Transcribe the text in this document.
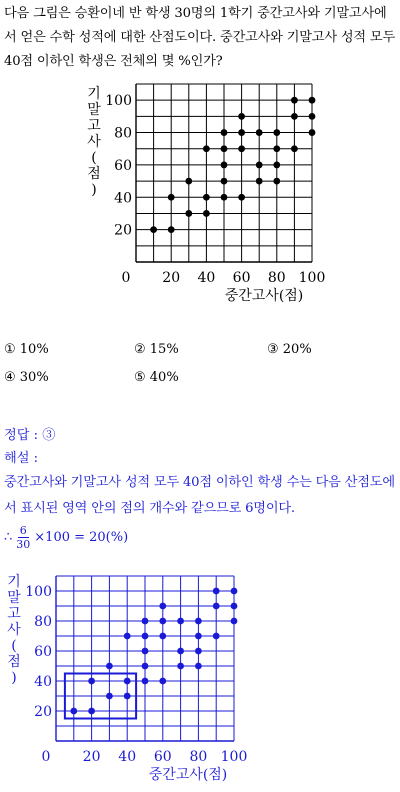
다음 그림은 승환이네 반 학생 30명의 1학기 중간고사와 기말고사에서 얻은 수학 성적에 대한 산점도이다. 중간고사와 기말고사 성적 모두 40점 이하인 학생은 전체의 몇 %인가?
0 20 40 60 80 100
20
40
60
80
100
중간고사(점)
기 말 고 사 ( 점 )
① 10%	② 15%	③ 20%
④ 30%	⑤ 40%
정답 : ③
해설 :
중간고사와 기말고사 성적 모두 40점 이하인 학생 수는 다음 산점도에서 표시된 영역 안의 점의 개수와 같으므로 6명이다.
∴ $\frac{6}{30} \times 100 = 20(\%)$
0 20 40 60 80 100
20
40
60
80
100
중간고사(점)
기 말 고 사 ( 점 )
